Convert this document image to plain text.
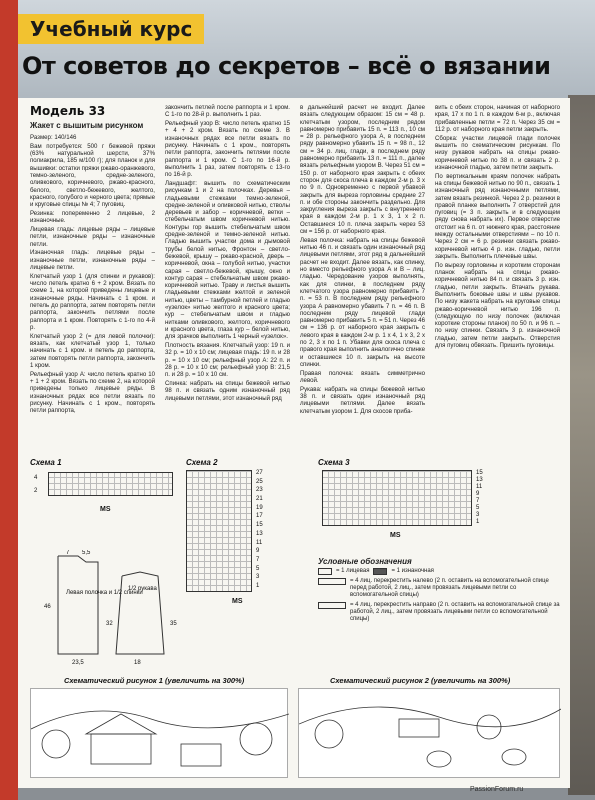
Учебный курс
От советов до секретов – всё о вязании
Модель 33
Жакет с вышитым рисунком

Размер: 140/146

Вам потребуется: 500 г бежевой пряжи (63% натуральной шерсти, 37% полиакрила, 185 м/100 г); для планок и для вышивки: остатки пряжи ржаво-оранжевого, темно-зеленого, средне-зеленого, оливкового, коричневого, ржаво-красного, белого, светло-бежевого, желтого, красного, голубого и черного цвета; прямые и круговые спицы № 4; 7 пуговиц.

Резинка: попеременно 2 лицевые, 2 изнаночные.

Лицевая гладь: лицевые ряды – лицевые петли, изнаночные ряды – изнаночные петли.

Изнаночная гладь: лицевые ряды – изнаночные петли, изнаночные ряды – лицевые петли.

Клетчатый узор 1 (для спинки и рукавов): число петель кратно 6 + 2 кром. Вязать по схеме 1, на которой приведены лицевые и изнаночные ряды. Начинать с 1 кром. и петель до раппорта, затем повторять петли раппорта, закончить петлями после раппорта и 1 кром. Повторять с 1-го по 4-й р.

Клетчатый узор 2 (= для левой полочки): вязать, как клетчатый узор 1, только начинать с 1 кром. и петель до раппорта, затем повторять петли раппорта, закончить 1 кром.

Рельефный узор А: число петель кратно 10 + 1 + 2 кром. Вязать по схеме 2, на которой приведены только лицевые ряды. В изнаночных рядах все петли вязать по рисунку. Начинать с 1 кром., повторять петли раппорта,

закончить петлей после раппорта и 1 кром. С 1-го по 28-й р. выполнить 1 раз.

Рельефный узор В: число петель кратно 15 + 4 + 2 кром. Вязать по схеме 3. В изнаночных рядах все петли вязать по рисунку. Начинать с 1 кром., повторять петли раппорта, закончить петлями после раппорта и 1 кром. С 1-го по 16-й р. выполнить 1 раз, затем повторять с 13-го по 16-й р.

Ландшафт: вышить по схематическим рисункам 1 и 2 на полочках. Деревья – гладьевыми стежками темно-зеленой, средне-зеленой и оливковой нитью, стволы деревьев и забор – коричневой, ветки – стебельчатым швом коричневой нитью. Контуры гор вышить стебельчатым швом средне-зеленой и темно-зеленой нитью. Гладью вышить участки дома и дымовой трубы белой нитью, Фронтон – светло-бежевой, крышу – ржаво-красной, дверь – коричневой, окна – голубой нитью, участки сарая – светло-бежевой, крышу, окно и контур сарая – стебельчатым швом ржаво-коричневой нитью. Траву и листья вышить гладьевыми стежками желтой и зеленой нитью, цветы – тамбурной петлей и гладью «узелок» нитью желтого и красного цвета; кур – стебельчатым швом и гладью нитками оливкового, желтого, коричневого и красного цвета, глаза кур – белой нитью, для зрачков выполнить 1 черный «узелок».

Плотность вязания. Клетчатый узор: 19 п. и 32 р. = 10 х 10 см; лицевая гладь: 19 п. и 28 р. = 10 х 10 см; рельефный узор А: 22 п. и 28 р. = 10 х 10 см; рельефный узор В: 21,5 п. и 28 р. = 10 х 10 см.

Спинка: набрать на спицы бежевой нитью 98 п. и связать одним изнаночный ряд лицевыми петлями, этот изнаночный ряд

в дальнейший расчет не входит. Далее вязать следующим образом: 15 см = 48 р. клетчатым узором, последним рядом равномерно прибавить 15 п. = 113 п., 10 см = 28 р. рельефного узора А, в последнем ряду равномерно убавить 15 п. = 98 п., 12 см = 34 р. лиц. глади, в последнем ряду равномерно прибавить 13 п. = 111 п., далее вязать рельефным узором В. Через 51 см = 150 р. от наборного края закрыть с обеих сторон для скоса плеча в каждом 2-м р. 3 х по 9 п. Одновременно с первой убавкой закрыть для выреза горловины средние 27 п. и обе стороны закончить раздельно. Для закругления выреза закрыть с внутреннего края в каждом 2-м р. 1 х 3, 1 х 2 п. Оставшиеся 10 п. плеча закрыть через 53 см = 156 р. от наборного края.

Левая полочка: набрать на спицы бежевой нитью 46 п. и связать один изнаночный ряд лицевыми петлями, этот ряд в дальнейший расчет не входит. Далее вязать, как спинку, но вместо рельефного узора А и В – лиц. гладью. Чередование узоров выполнять, как для спинки, в последнем ряду клетчатого узора равномерно прибавить 7 п. = 53 п. В последнем ряду рельефного узора А равномерно убавить 7 п. = 46 п. В последнем ряду лицевой глади равномерно прибавить 5 п. = 51 п. Через 46 см = 136 р. от наборного края закрыть с левого края в каждом 2-м р. 1 х 4, 1 х 3, 2 х по 2, 3 х по 1 п. Убавки для скоса плеча с правого края выполнить аналогично спинке и оставшиеся 10 п. закрыть на высоте спинки.

Правая полочка: вязать симметрично левой.

Рукава: набрать на спицы бежевой нитью 38 п. и связать один изнаночный ряд лицевыми петлями. Далее вязать клетчатым узором 1. Для скосов приба-

вить с обеих сторон, начиная от наборного края, 17 х по 1 п. в каждом 6-м р., включая прибавленные петли = 72 п. Через 35 см = 112 р. от наборного края петли закрыть.

Сборка: участки лицевой глади полочек вышить по схематическим рисункам. По низу рукавов набрать на спицы ржаво-коричневой нитью по 38 п. и связать 2 р. изнаночной гладью, затем петли закрыть.

По вертикальным краям полочек набрать на спицы бежевой нитью по 90 п., связать 1 изнаночный ряд изнаночными петлями, затем вязать резинкой. Через 2 р. резинки в правой планке выполнить 7 отверстий для пуговиц (= 3 п. закрыть и в следующем ряду снова набрать их). Первое отверстие отстоит на 6 п. от нижнего края, расстояние между остальными отверстиями – по 10 п. Через 2 см = 6 р. резинки связать ржаво-коричневой нитью 4 р. изн. гладью, петли закрыть. Выполнить плечевые швы.

По вырезу горловины и коротким сторонам планок набрать на спицы ржаво-коричневой нитью 84 п. и связать 3 р. изн. гладью, петли закрыть. Втачать рукава. Выполнить боковые швы и швы рукавов. По низу жакета набрать на круговые спицы ржаво-коричневой нитью 196 п. (следующую по низу полочек (включая короткие стороны планок) по 50 п. и 96 п. – по низу спинки. Связать 3 р. изнаночной гладью, затем петли закрыть. Отверстия для пуговиц обвязать. Пришить пуговицы.

Схема 1
4
2
MS
Схема 2
27
25
23
21
19
17
15
13
11
9
7
5
3
1
MS
Схема 3
15
13
11
9
7
5
3
1
MS
Левая полочка и 1/2 спинки
1/2 рукава
7 5,5
46
32	35
23,5	18
Условные обозначения
= 1 лицевая	= 1 изнаночная
= 4 лиц. перекрестить налево (2 п. оставить на вспомогательной спице перед работой, 2 лиц., затем провязать лицевыми петли со вспомогательной спицы)
= 4 лиц. перекрестить направо (2 п. оставить на вспомогательной спице за работой, 2 лиц., затем провязать лицевыми петли со вспомогательной спицы)
Схематический рисунок 1 (увеличить на 300%)	Схематический рисунок 2 (увеличить на 300%)
PassionForum.ru
